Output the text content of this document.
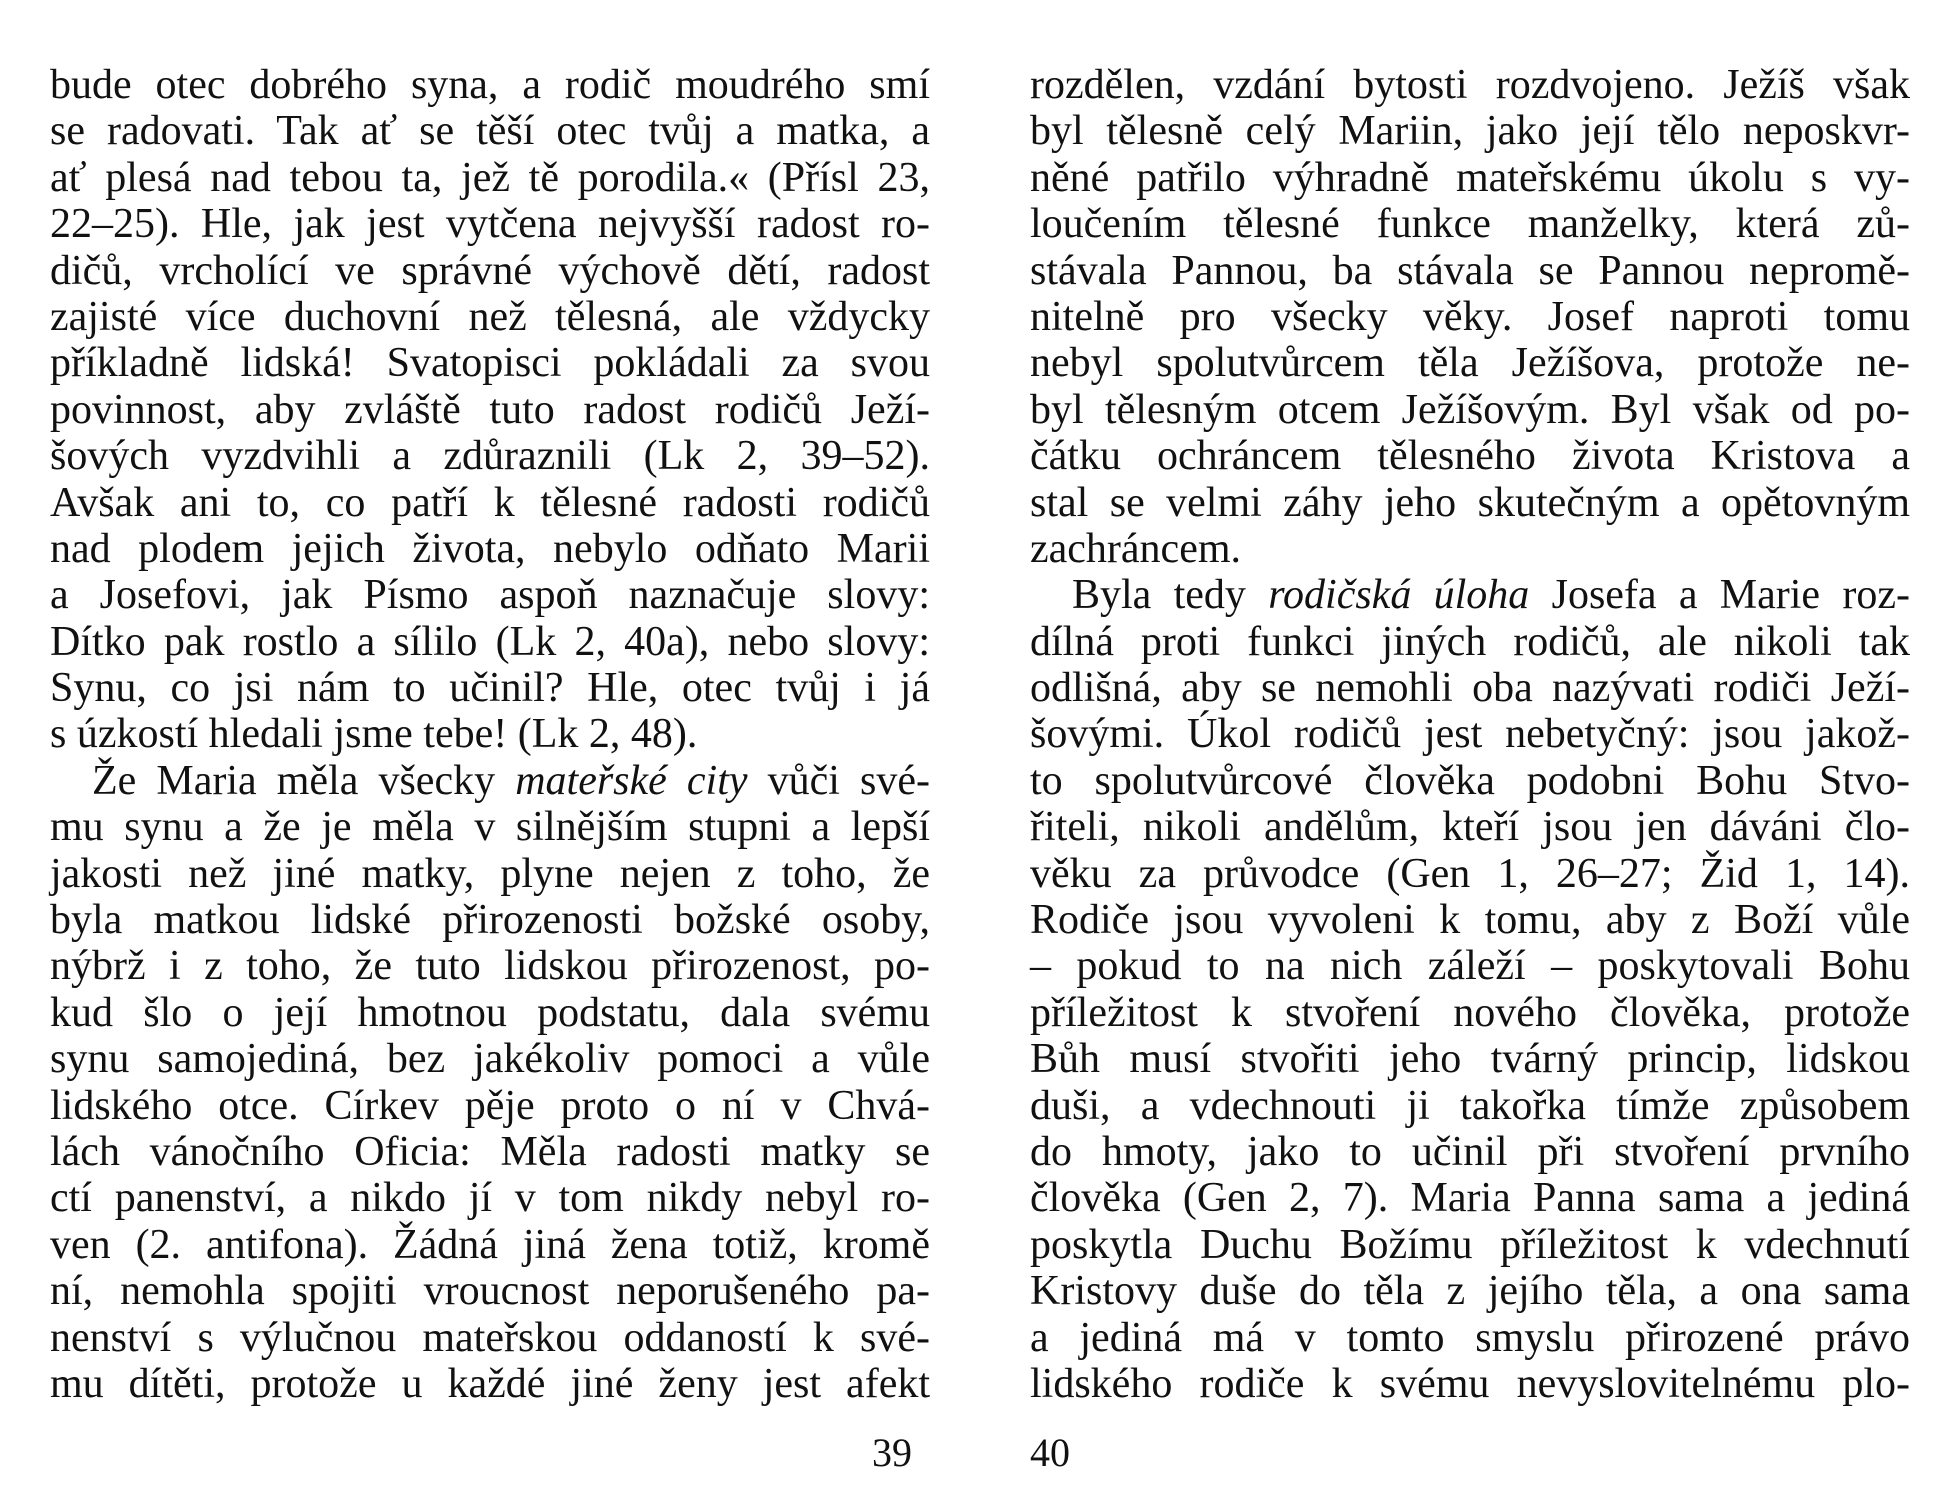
bude otec dobrého syna, a rodič moudrého smí
se radovati. Tak ať se těší otec tvůj a matka, a
ať plesá nad tebou ta, jež tě porodila.« (Přísl 23,
22–25). Hle, jak jest vytčena nejvyšší radost ro-
dičů, vrcholící ve správné výchově dětí, radost
zajisté více duchovní než tělesná, ale vždycky
příkladně lidská! Svatopisci pokládali za svou
povinnost, aby zvláště tuto radost rodičů Ježí-
šových vyzdvihli a zdůraznili (Lk 2, 39–52).
Avšak ani to, co patří k tělesné radosti rodičů
nad plodem jejich života, nebylo odňato Marii
a Josefovi, jak Písmo aspoň naznačuje slovy:
Dítko pak rostlo a sílilo (Lk 2, 40a), nebo slovy:
Synu, co jsi nám to učinil? Hle, otec tvůj i já
s úzkostí hledali jsme tebe! (Lk 2, 48).
Že Maria měla všecky mateřské city vůči své-
mu synu a že je měla v silnějším stupni a lepší
jakosti než jiné matky, plyne nejen z toho, že
byla matkou lidské přirozenosti božské osoby,
nýbrž i z toho, že tuto lidskou přirozenost, po-
kud šlo o její hmotnou podstatu, dala svému
synu samojediná, bez jakékoliv pomoci a vůle
lidského otce. Církev pěje proto o ní v Chvá-
lách vánočního Oficia: Měla radosti matky se
ctí panenství, a nikdo jí v tom nikdy nebyl ro-
ven (2. antifona). Žádná jiná žena totiž, kromě
ní, nemohla spojiti vroucnost neporušeného pa-
nenství s výlučnou mateřskou oddaností k své-
mu dítěti, protože u každé jiné ženy jest afekt
rozdělen, vzdání bytosti rozdvojeno. Ježíš však
byl tělesně celý Mariin, jako její tělo neposkvr-
něné patřilo výhradně mateřskému úkolu s vy-
loučením tělesné funkce manželky, která zů-
stávala Pannou, ba stávala se Pannou nepromě-
nitelně pro všecky věky. Josef naproti tomu
nebyl spolutvůrcem těla Ježíšova, protože ne-
byl tělesným otcem Ježíšovým. Byl však od po-
čátku ochráncem tělesného života Kristova a
stal se velmi záhy jeho skutečným a opětovným
zachráncem.
Byla tedy rodičská úloha Josefa a Marie roz-
dílná proti funkci jiných rodičů, ale nikoli tak
odlišná, aby se nemohli oba nazývati rodiči Ježí-
šovými. Úkol rodičů jest nebetyčný: jsou jakož-
to spolutvůrcové člověka podobni Bohu Stvo-
řiteli, nikoli andělům, kteří jsou jen dáváni člo-
věku za průvodce (Gen 1, 26–27; Žid 1, 14).
Rodiče jsou vyvoleni k tomu, aby z Boží vůle
– pokud to na nich záleží – poskytovali Bohu
příležitost k stvoření nového člověka, protože
Bůh musí stvořiti jeho tvárný princip, lidskou
duši, a vdechnouti ji takořka tímže způsobem
do hmoty, jako to učinil při stvoření prvního
člověka (Gen 2, 7). Maria Panna sama a jediná
poskytla Duchu Božímu příležitost k vdechnutí
Kristovy duše do těla z jejího těla, a ona sama
a jediná má v tomto smyslu přirozené právo
lidského rodiče k svému nevyslovitelnému plo-
39	40
